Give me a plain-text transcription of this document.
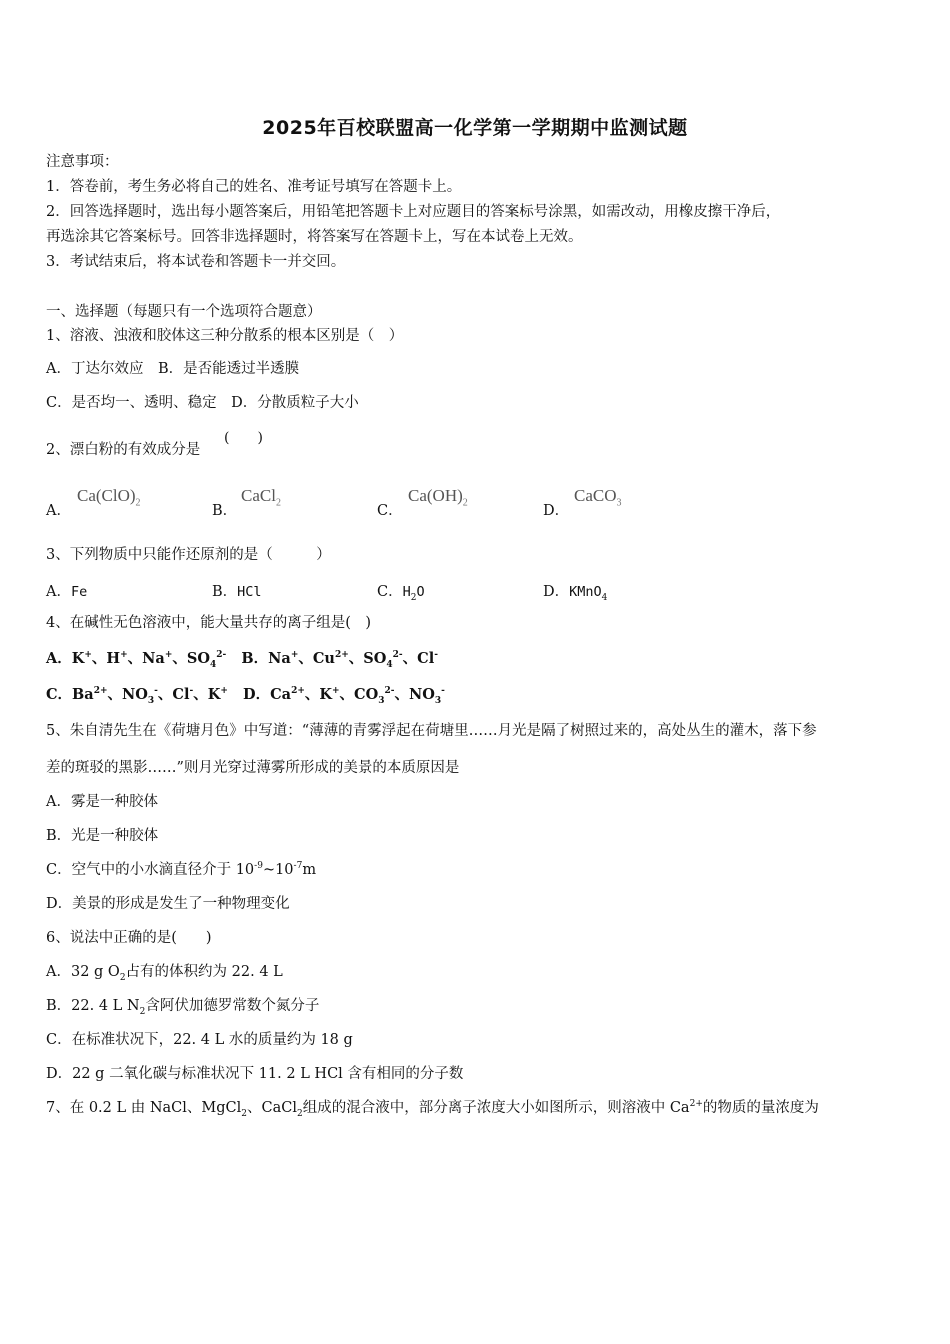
2025年百校联盟高一化学第一学期期中监测试题
注意事项：
1．答卷前，考生务必将自己的姓名、准考证号填写在答题卡上。
2．回答选择题时，选出每小题答案后，用铅笔把答题卡上对应题目的答案标号涂黑，如需改动，用橡皮擦干净后，
再选涂其它答案标号。回答非选择题时，将答案写在答题卡上，写在本试卷上无效。
3．考试结束后，将本试卷和答题卡一并交回。
一、选择题（每题只有一个选项符合题意）
1、溶液、浊液和胶体这三种分散系的根本区别是（　）
A．丁达尔效应　B．是否能透过半透膜
C．是否均一、透明、稳定　D．分散质粒子大小
2、漂白粉的有效成分是
(　　)
A．
$Ca(ClO)_2$
B．
CaCl$_2$
C．
$Ca(OH)_2$
D．
CaCO$_3$
3、下列物质中只能作还原剂的是（　　　）
A．Fe	B．HCl	C．$H_2O$	D．KMnO$_4$
4、在碱性无色溶液中，能大量共存的离子组是(　)
A．K+、H+、Na+、$SO_4^{2-}$ B．Na+、$Cu^{2+}$、$SO_4^{2-}$、Cl-
C．$Ba^{2+}$、$NO_3^-$、Cl-、K+ D．$Ca^{2+}$、K+、$CO_3^{2-}$、$NO_3^-$
5、朱自清先生在《荷塘月色》中写道：“薄薄的青雾浮起在荷塘里……月光是隔了树照过来的，高处丛生的灌木，落下参
差的斑驳的黑影……”则月光穿过薄雾所形成的美景的本质原因是
A．雾是一种胶体
B．光是一种胶体
C．空气中的小水滴直径介于 $10^{-9}\sim 10^{-7}m$
D．美景的形成是发生了一种物理变化
6、说法中正确的是(　　)
A．32 g $O_2$占有的体积约为 22. 4 L
B．22. 4 L $N_2$含阿伏加德罗常数个氮分子
C．在标准状况下，22. 4 L 水的质量约为 18 g
D．22 g 二氧化碳与标准状况下 11. 2 L HCl 含有相同的分子数
7、在 0.2 L 由 NaCl、MgCl$_2$、CaCl$_2$组成的混合液中，部分离子浓度大小如图所示，则溶液中 $Ca^{2+}$的物质的量浓度为
